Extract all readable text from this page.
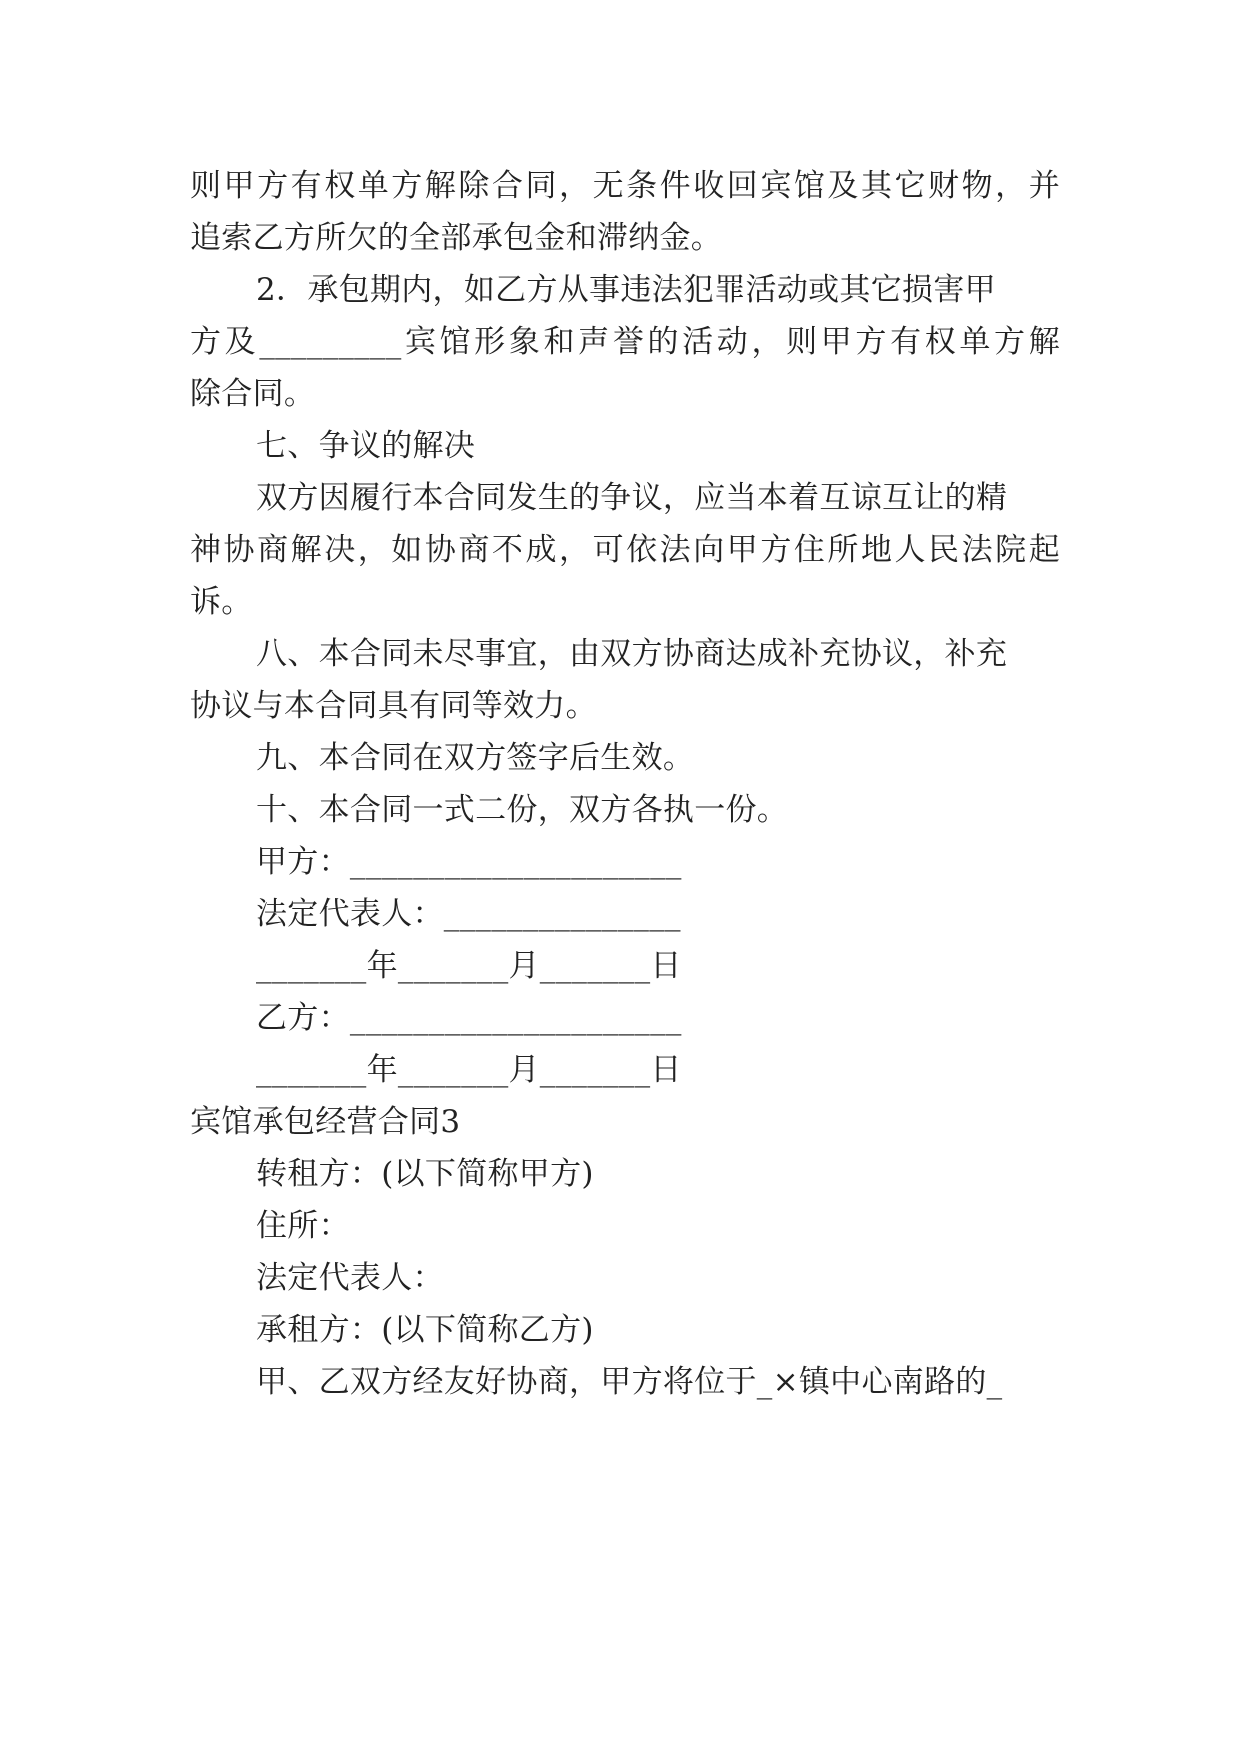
则甲方有权单方解除合同，无条件收回宾馆及其它财物，并
追索乙方所欠的全部承包金和滞纳金。
2．承包期内，如乙方从事违法犯罪活动或其它损害甲
方及_________宾馆形象和声誉的活动，则甲方有权单方解
除合同。
七、争议的解决
双方因履行本合同发生的争议，应当本着互谅互让的精
神协商解决，如协商不成，可依法向甲方住所地人民法院起
诉。
八、本合同未尽事宜，由双方协商达成补充协议，补充
协议与本合同具有同等效力。
九、本合同在双方签字后生效。
十、本合同一式二份，双方各执一份。
甲方：_____________________
法定代表人：_______________
_______年_______月_______日
乙方：_____________________
_______年_______月_______日
宾馆承包经营合同3
转租方：(以下简称甲方)
住所：
法定代表人：
承租方：(以下简称乙方)
甲、乙双方经友好协商，甲方将位于_×镇中心南路的_
